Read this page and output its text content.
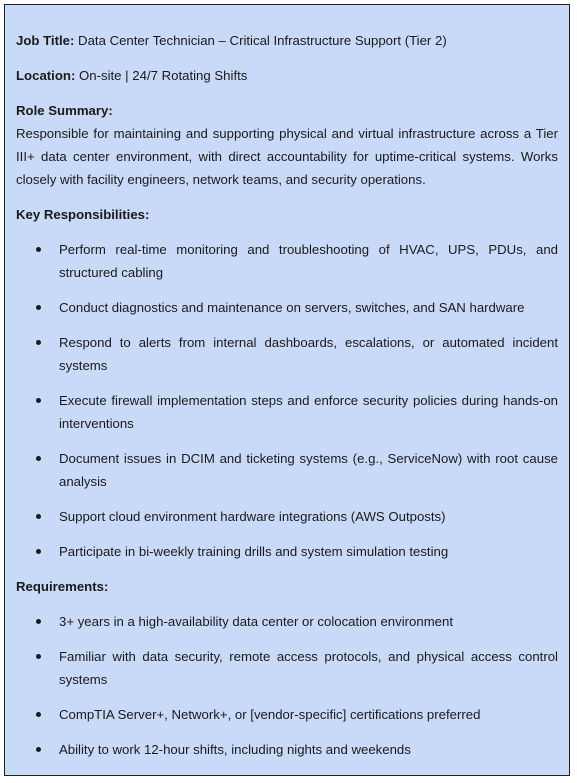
Job Title: Data Center Technician – Critical Infrastructure Support (Tier 2)

Location: On-site | 24/7 Rotating Shifts

Role Summary:

Responsible for maintaining and supporting physical and virtual infrastructure across a Tier III+ data center environment, with direct accountability for uptime-critical systems. Works closely with facility engineers, network teams, and security operations.

Key Responsibilities:

Perform real-time monitoring and troubleshooting of HVAC, UPS, PDUs, and structured cabling
Conduct diagnostics and maintenance on servers, switches, and SAN hardware
Respond to alerts from internal dashboards, escalations, or automated incident systems
Execute firewall implementation steps and enforce security policies during hands-on interventions
Document issues in DCIM and ticketing systems (e.g., ServiceNow) with root cause analysis
Support cloud environment hardware integrations (AWS Outposts)
Participate in bi-weekly training drills and system simulation testing

Requirements:

3+ years in a high-availability data center or colocation environment
Familiar with data security, remote access protocols, and physical access control systems
CompTIA Server+, Network+, or [vendor-specific] certifications preferred
Ability to work 12-hour shifts, including nights and weekends
